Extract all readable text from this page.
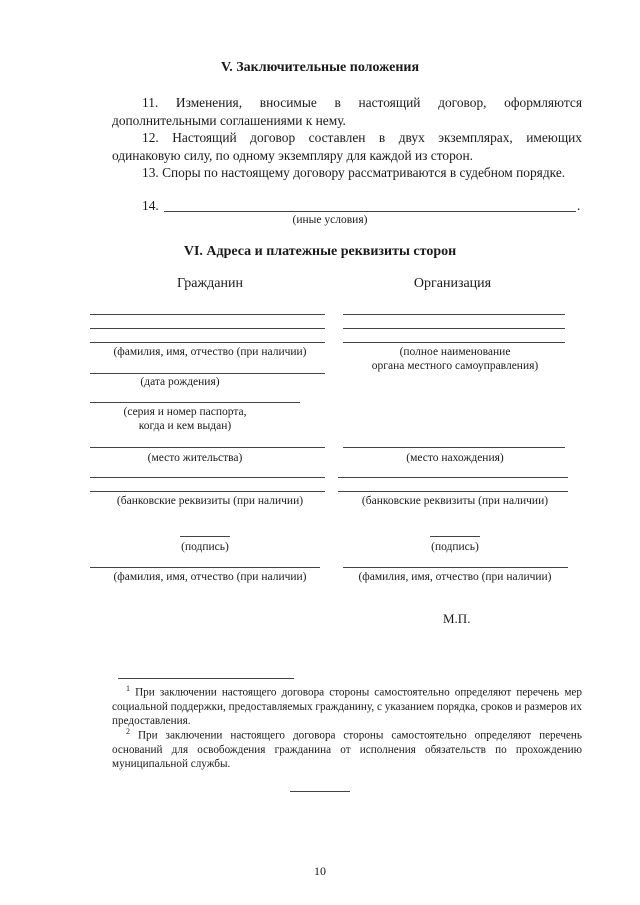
V. Заключительные положения
11. Изменения, вносимые в настоящий договор, оформляются дополнительными соглашениями к нему.
12. Настоящий договор составлен в двух экземплярах, имеющих одинаковую силу, по одному экземпляру для каждой из сторон.
13. Споры по настоящему договору рассматриваются в судебном порядке.
14.	.
(иные условия)
VI. Адреса и платежные реквизиты сторон
Гражданин	Организация
(фамилия, имя, отчество (при наличии)
(дата рождения)
(серия и номер паспорта,
когда и кем выдан)
(место жительства)
(банковские реквизиты (при наличии)
(подпись)
(фамилия, имя, отчество (при наличии)
(полное наименование
органа местного самоуправления)
(место нахождения)
(банковские реквизиты (при наличии)
(подпись)
(фамилия, имя, отчество (при наличии)
М.П.
$^1$ При заключении настоящего договора стороны самостоятельно определяют перечень мер социальной поддержки, предоставляемых гражданину, с указанием порядка, сроков и размеров их предоставления.
$^2$ При заключении настоящего договора стороны самостоятельно определяют перечень оснований для освобождения гражданина от исполнения обязательств по прохождению муниципальной службы.
10
